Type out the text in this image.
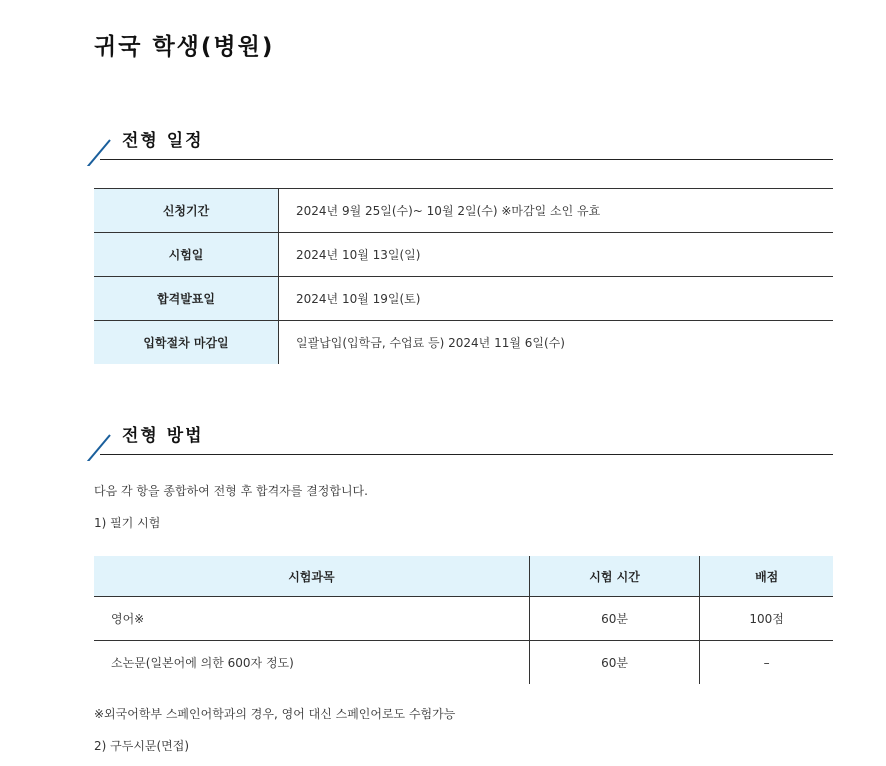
귀국 학생(병원)
전형 일정
신청기간	2024년 9월 25일(수)~ 10월 2일(수) ※마감일 소인 유효
시험일	2024년 10월 13일(일)
합격발표일	2024년 10월 19일(토)
입학절차 마감일	일괄납입(입학금, 수업료 등) 2024년 11월 6일(수)
전형 방법

다음 각 항을 종합하여 전형 후 합격자를 결정합니다.

1) 필기 시험

시험과목	시험 시간	배점
영어※	60분	100점
소논문(일본어에 의한 600자 정도)	60분	–

※외국어학부 스페인어학과의 경우, 영어 대신 스페인어로도 수험가능

2) 구두시문(면접)
